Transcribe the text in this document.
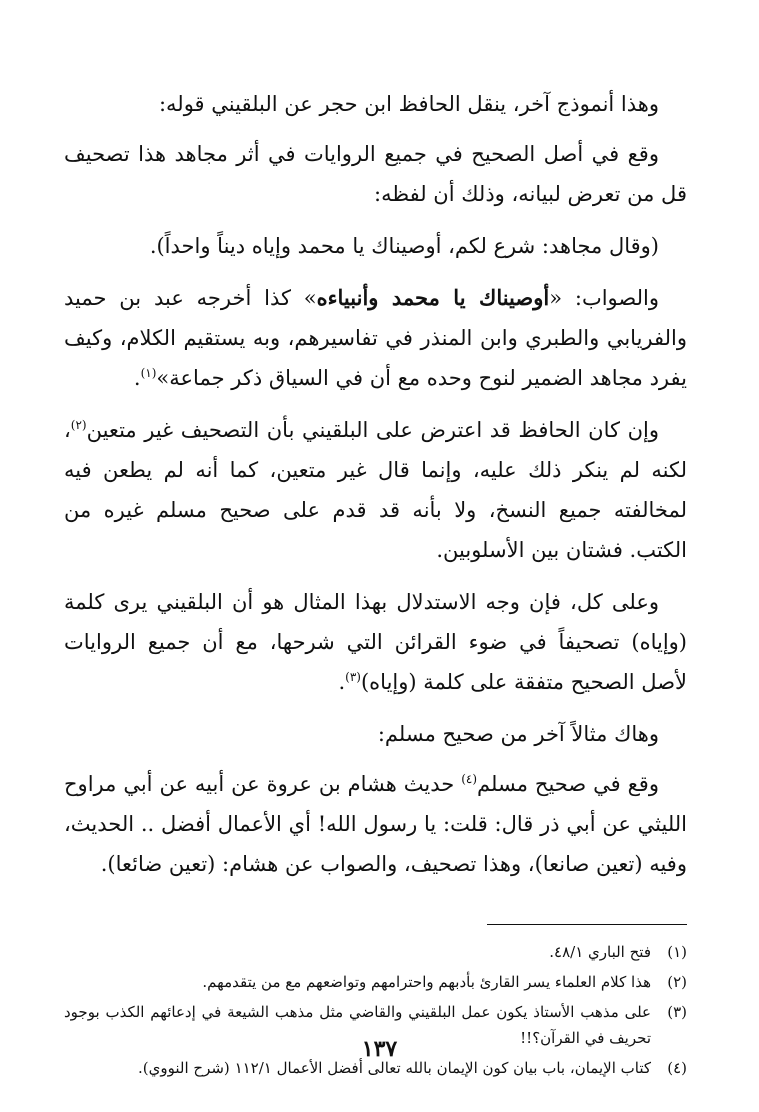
وهذا أنموذج آخر، ينقل الحافظ ابن حجر عن البلقيني قوله:

وقع في أصل الصحيح في جميع الروايات في أثر مجاهد هذا تصحيف قل من تعرض لبيانه، وذلك أن لفظه:

(وقال مجاهد: شرع لكم، أوصيناك يا محمد وإياه ديناً واحداً).

والصواب: «أوصيناك يا محمد وأنبياءه» كذا أخرجه عبد بن حميد والفريابي والطبري وابن المنذر في تفاسيرهم، وبه يستقيم الكلام، وكيف يفرد مجاهد الضمير لنوح وحده مع أن في السياق ذكر جماعة»$^{(١)}$.

وإن كان الحافظ قد اعترض على البلقيني بأن التصحيف غير متعين$^{(٢)}$، لكنه لم ينكر ذلك عليه، وإنما قال غير متعين، كما أنه لم يطعن فيه لمخالفته جميع النسخ، ولا بأنه قد قدم على صحيح مسلم غيره من الكتب. فشتان بين الأسلوبين.

وعلى كل، فإن وجه الاستدلال بهذا المثال هو أن البلقيني يرى كلمة (وإياه) تصحيفاً في ضوء القرائن التي شرحها، مع أن جميع الروايات لأصل الصحيح متفقة على كلمة (وإياه)$^{(٣)}$.

وهاك مثالاً آخر من صحيح مسلم:

وقع في صحيح مسلم$^{(٤)}$ حديث هشام بن عروة عن أبيه عن أبي مراوح الليثي عن أبي ذر قال: قلت: يا رسول الله! أي الأعمال أفضل .. الحديث، وفيه (تعين صانعا)، وهذا تصحيف، والصواب عن هشام: (تعين ضائعا).

(١)
فتح الباري ٤٨/١.
(٢)
هذا كلام العلماء يسر القارئ بأدبهم واحترامهم وتواضعهم مع من يتقدمهم.
(٣)
على مذهب الأستاذ يكون عمل البلقيني والقاضي مثل مذهب الشيعة في إدعائهم الكذب بوجود تحريف في القرآن؟!!
(٤)
كتاب الإيمان، باب بيان كون الإيمان بالله تعالى أفضل الأعمال ١١٢/١ (شرح النووي).
١٣٧
